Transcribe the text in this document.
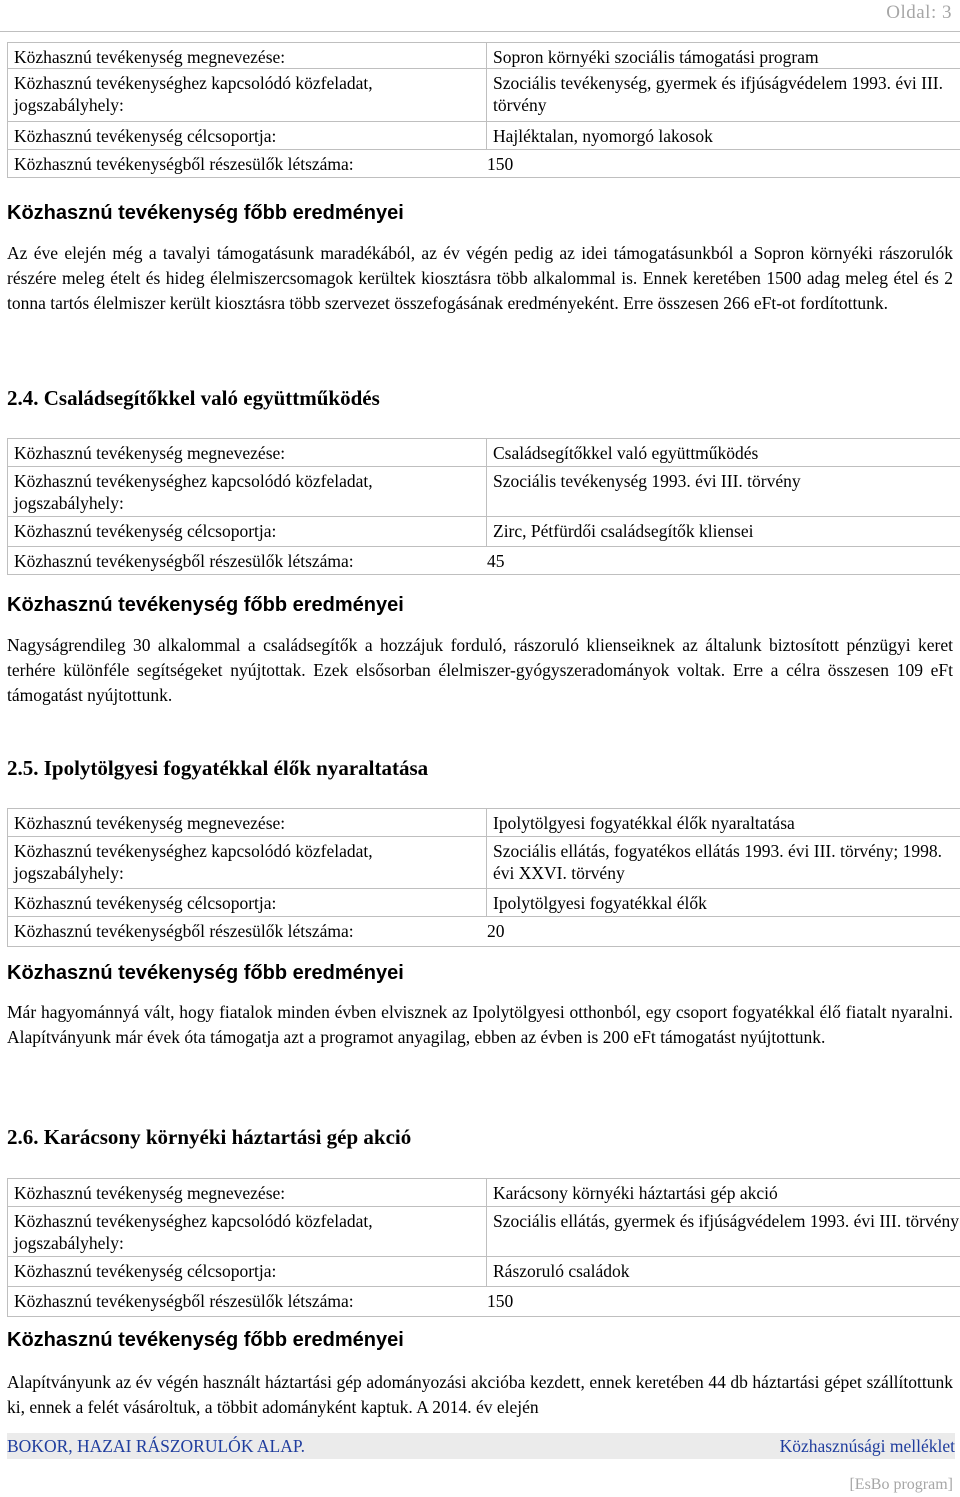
Oldal: 3
Közhasznú tevékenység megnevezése:	Sopron környéki szociális támogatási program
Közhasznú tevékenységhez kapcsolódó közfeladat, jogszabályhely:	Szociális tevékenység, gyermek és ifjúságvédelem 1993. évi III. törvény
Közhasznú tevékenység célcsoportja:	Hajléktalan, nyomorgó lakosok
Közhasznú tevékenységből részesülők létszáma: 150	
Közhasznú tevékenység főbb eredményei
Az éve elején még a tavalyi támogatásunk maradékából, az év végén pedig az idei támogatásunkból a Sopron környéki rászorulók részére meleg ételt és hideg élelmiszercsomagok kerültek kiosztásra több alkalommal is. Ennek keretében 1500 adag meleg étel és 2 tonna tartós élelmiszer került kiosztásra több szervezet összefogásának eredményeként. Erre összesen 266 eFt-ot fordítottunk.
2.4. Családsegítőkkel való együttműködés
Közhasznú tevékenység megnevezése:	Családsegítőkkel való együttműködés
Közhasznú tevékenységhez kapcsolódó közfeladat, jogszabályhely:	Szociális tevékenység 1993. évi III. törvény
Közhasznú tevékenység célcsoportja:	Zirc, Pétfürdői családsegítők kliensei
Közhasznú tevékenységből részesülők létszáma: 45	
Közhasznú tevékenység főbb eredményei
Nagyságrendileg 30 alkalommal a családsegítők a hozzájuk forduló, rászoruló klienseiknek az általunk biztosított pénzügyi keret terhére különféle segítségeket nyújtottak. Ezek elsősorban élelmiszer-gyógyszeradományok voltak. Erre a célra összesen 109 eFt támogatást nyújtottunk.
2.5. Ipolytölgyesi fogyatékkal élők nyaraltatása
Közhasznú tevékenység megnevezése:	Ipolytölgyesi fogyatékkal élők nyaraltatása
Közhasznú tevékenységhez kapcsolódó közfeladat, jogszabályhely:	Szociális ellátás, fogyatékos ellátás 1993. évi III. törvény; 1998. évi XXVI. törvény
Közhasznú tevékenység célcsoportja:	Ipolytölgyesi fogyatékkal élők
Közhasznú tevékenységből részesülők létszáma: 20	
Közhasznú tevékenység főbb eredményei
Már hagyománnyá vált, hogy fiatalok minden évben elvisznek az Ipolytölgyesi otthonból, egy csoport fogyatékkal élő fiatalt nyaralni. Alapítványunk már évek óta támogatja azt a programot anyagilag, ebben az évben is 200 eFt támogatást nyújtottunk.
2.6. Karácsony környéki háztartási gép akció
Közhasznú tevékenység megnevezése:	Karácsony környéki háztartási gép akció
Közhasznú tevékenységhez kapcsolódó közfeladat, jogszabályhely:	Szociális ellátás, gyermek és ifjúságvédelem 1993. évi III. törvény
Közhasznú tevékenység célcsoportja:	Rászoruló családok
Közhasznú tevékenységből részesülők létszáma: 150	
Közhasznú tevékenység főbb eredményei
Alapítványunk az év végén használt háztartási gép adományozási akcióba kezdett, ennek keretében 44 db háztartási gépet szállítottunk ki, ennek a felét vásároltuk, a többit adományként kaptuk. A 2014. év elején
BOKOR, HAZAI RÁSZORULÓK ALAP.	Közhasznúsági melléklet
[EsBo program]
